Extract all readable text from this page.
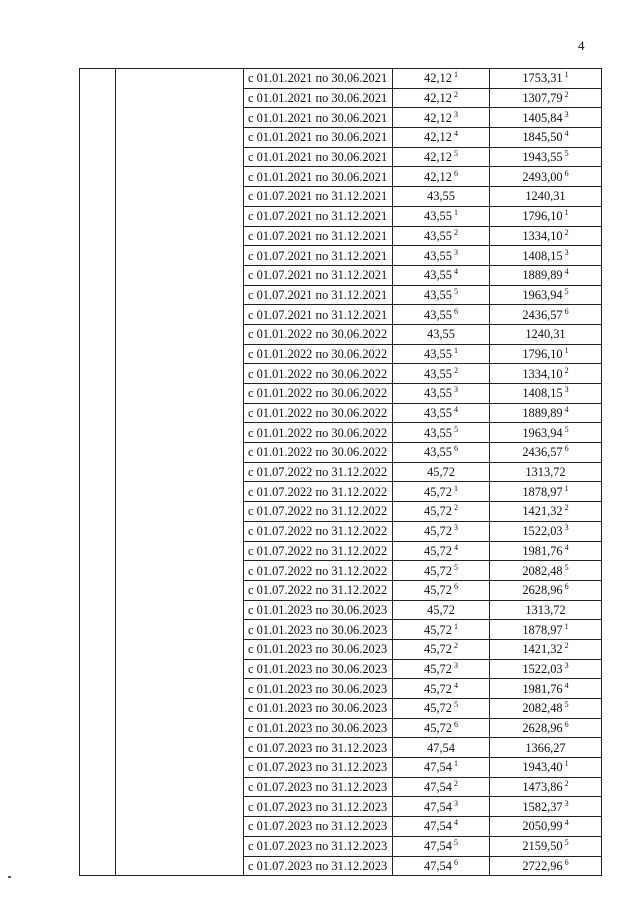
4
		с 01.01.2021 по 30.06.2021	42,12 $^1$	1753,31 $^1$
		с 01.01.2021 по 30.06.2021	42,12 $^2$	1307,79 $^2$
		с 01.01.2021 по 30.06.2021	42,12 $^3$	1405,84 $^3$
		с 01.01.2021 по 30.06.2021	42,12 $^4$	1845,50 $^4$
		с 01.01.2021 по 30.06.2021	42,12 $^5$	1943,55 $^5$
		с 01.01.2021 по 30.06.2021	42,12 $^6$	2493,00 $^6$
		с 01.07.2021 по 31.12.2021	43,55	1240,31
		с 01.07.2021 по 31.12.2021	43,55 $^1$	1796,10 $^1$
		с 01.07.2021 по 31.12.2021	43,55 $^2$	1334,10 $^2$
		с 01.07.2021 по 31.12.2021	43,55 $^3$	1408,15 $^3$
		с 01.07.2021 по 31.12.2021	43,55 $^4$	1889,89 $^4$
		с 01.07.2021 по 31.12.2021	43,55 $^5$	1963,94 $^5$
		с 01.07.2021 по 31.12.2021	43,55 $^6$	2436,57 $^6$
		с 01.01.2022 по 30.06.2022	43,55	1240,31
		с 01.01.2022 по 30.06.2022	43,55 $^1$	1796,10 $^1$
		с 01.01.2022 по 30.06.2022	43,55 $^2$	1334,10 $^2$
		с 01.01.2022 по 30.06.2022	43,55 $^3$	1408,15 $^3$
		с 01.01.2022 по 30.06.2022	43,55 $^4$	1889,89 $^4$
		с 01.01.2022 по 30.06.2022	43,55 $^5$	1963,94 $^5$
		с 01.01.2022 по 30.06.2022	43,55 $^6$	2436,57 $^6$
		с 01.07.2022 по 31.12.2022	45,72	1313,72
		с 01.07.2022 по 31.12.2022	45,72 $^1$	1878,97 $^1$
		с 01.07.2022 по 31.12.2022	45,72 $^2$	1421,32 $^2$
		с 01.07.2022 по 31.12.2022	45,72 $^3$	1522,03 $^3$
		с 01.07.2022 по 31.12.2022	45,72 $^4$	1981,76 $^4$
		с 01.07.2022 по 31.12.2022	45,72 $^5$	2082,48 $^5$
		с 01.07.2022 по 31.12.2022	45,72 $^6$	2628,96 $^6$
		с 01.01.2023 по 30.06.2023	45,72	1313,72
		с 01.01.2023 по 30.06.2023	45,72 $^1$	1878,97 $^1$
		с 01.01.2023 по 30.06.2023	45,72 $^2$	1421,32 $^2$
		с 01.01.2023 по 30.06.2023	45,72 $^3$	1522,03 $^3$
		с 01.01.2023 по 30.06.2023	45,72 $^4$	1981,76 $^4$
		с 01.01.2023 по 30.06.2023	45,72 $^5$	2082,48 $^5$
		с 01.01.2023 по 30.06.2023	45,72 $^6$	2628,96 $^6$
		с 01.07.2023 по 31.12.2023	47,54	1366,27
		с 01.07.2023 по 31.12.2023	47,54 $^1$	1943,40 $^1$
		с 01.07.2023 по 31.12.2023	47,54 $^2$	1473,86 $^2$
		с 01.07.2023 по 31.12.2023	47,54 $^3$	1582,37 $^3$
		с 01.07.2023 по 31.12.2023	47,54 $^4$	2050,99 $^4$
		с 01.07.2023 по 31.12.2023	47,54 $^5$	2159,50 $^5$
		с 01.07.2023 по 31.12.2023	47,54 $^6$	2722,96 $^6$
